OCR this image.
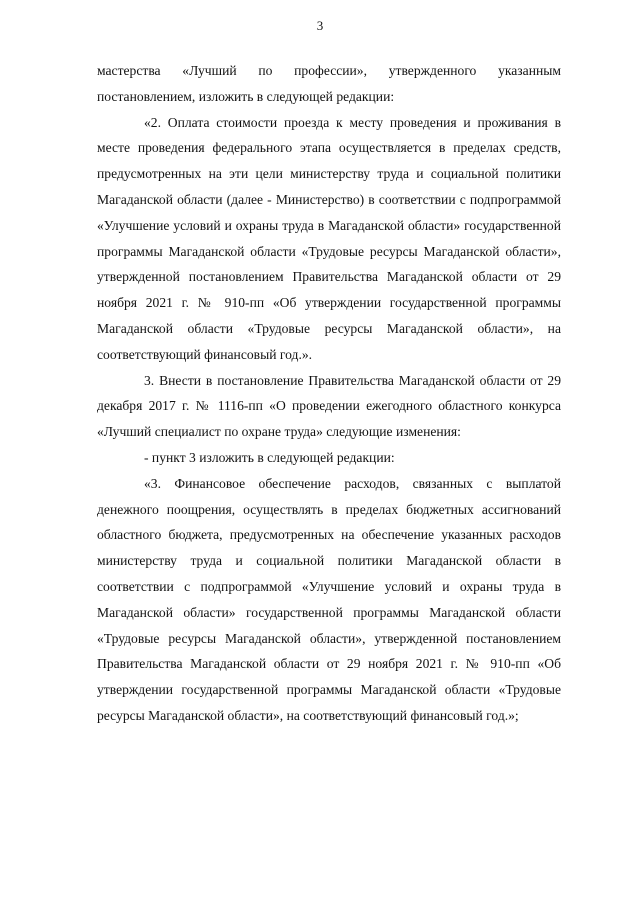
3

мастерства «Лучший по профессии», утвержденного указанным постановлением, изложить в следующей редакции:

«2. Оплата стоимости проезда к месту проведения и проживания в месте проведения федерального этапа осуществляется в пределах средств, предусмотренных на эти цели министерству труда и социальной политики Магаданской области (далее - Министерство) в соответствии с подпрограммой «Улучшение условий и охраны труда в Магаданской области» государственной программы Магаданской области «Трудовые ресурсы Магаданской области», утвержденной постановлением Правительства Магаданской области от 29 ноября 2021 г. № 910-пп «Об утверждении государственной программы Магаданской области «Трудовые ресурсы Магаданской области», на соответствующий финансовый год.».

3. Внести в постановление Правительства Магаданской области от 29 декабря 2017 г. № 1116-пп «О проведении ежегодного областного конкурса «Лучший специалист по охране труда» следующие изменения:

- пункт 3 изложить в следующей редакции:

«3. Финансовое обеспечение расходов, связанных с выплатой денежного поощрения, осуществлять в пределах бюджетных ассигнований областного бюджета, предусмотренных на обеспечение указанных расходов министерству труда и социальной политики Магаданской области в соответствии с подпрограммой «Улучшение условий и охраны труда в Магаданской области» государственной программы Магаданской области «Трудовые ресурсы Магаданской области», утвержденной постановлением Правительства Магаданской области от 29 ноября 2021 г. № 910-пп «Об утверждении государственной программы Магаданской области «Трудовые ресурсы Магаданской области», на соответствующий финансовый год.»;
